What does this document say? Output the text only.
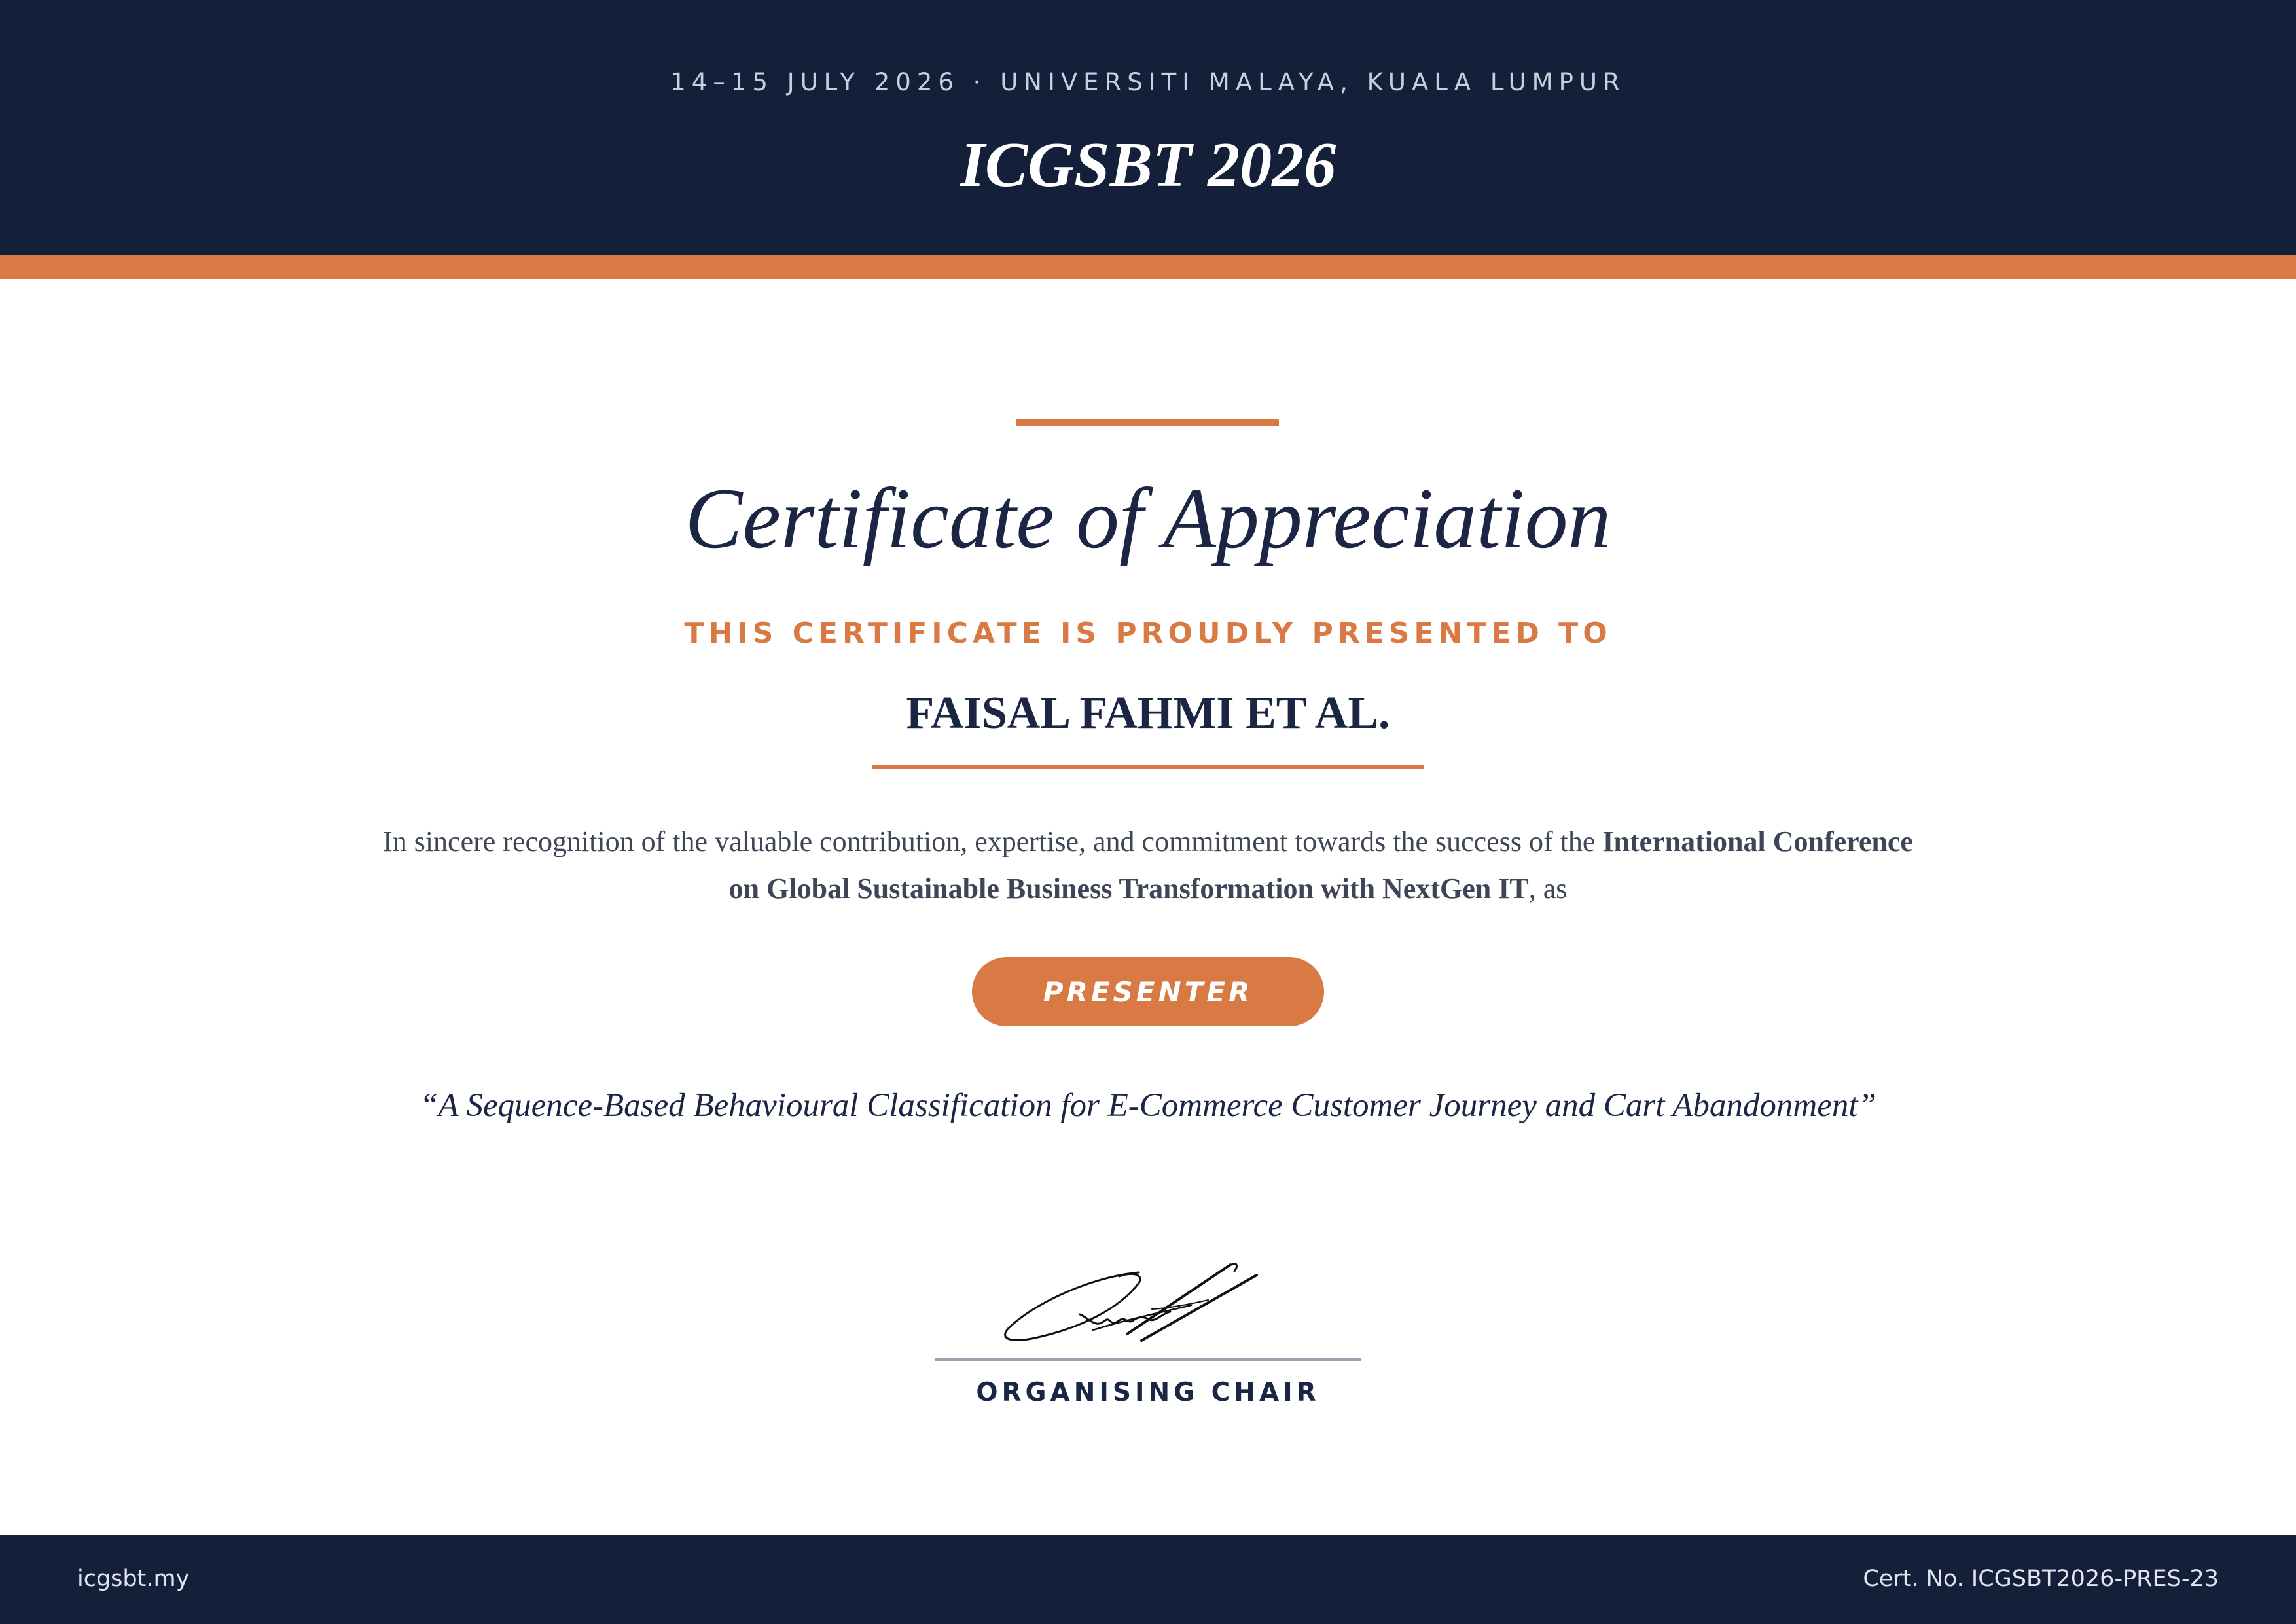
14–15 JULY 2026 · UNIVERSITI MALAYA, KUALA LUMPUR
ICGSBT 2026
Certificate of Appreciation
THIS CERTIFICATE IS PROUDLY PRESENTED TO
FAISAL FAHMI ET AL.
In sincere recognition of the valuable contribution, expertise, and commitment towards the success of the International Conference on Global Sustainable Business Transformation with NextGen IT, as
PRESENTER
“A Sequence-Based Behavioural Classification for E-Commerce Customer Journey and Cart Abandonment”
ORGANISING CHAIR
icgsbt.my	Cert. No. ICGSBT2026-PRES-23
